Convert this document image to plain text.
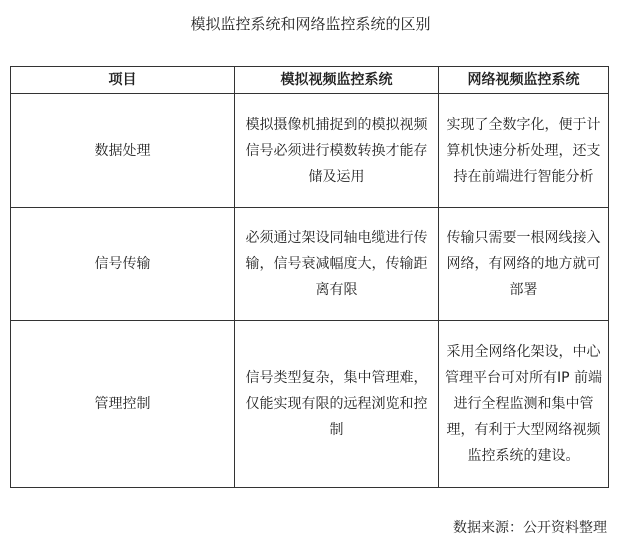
模拟监控系统和网络监控系统的区别
项目	模拟视频监控系统	网络视频监控系统
数据处理	模拟摄像机捕捉到的模拟视频信号必须进行模数转换才能存储及运用	实现了全数字化，便于计算机快速分析处理，还支持在前端进行智能分析
信号传输	必须通过架设同轴电缆进行传输，信号衰减幅度大，传输距离有限	传输只需要一根网线接入网络，有网络的地方就可部署
管理控制	信号类型复杂，集中管理难，仅能实现有限的远程浏览和控制	采用全网络化架设，中心管理平台可对所有IP 前端进行全程监测和集中管理，有利于大型网络视频监控系统的建设。
数据来源：公开资料整理
